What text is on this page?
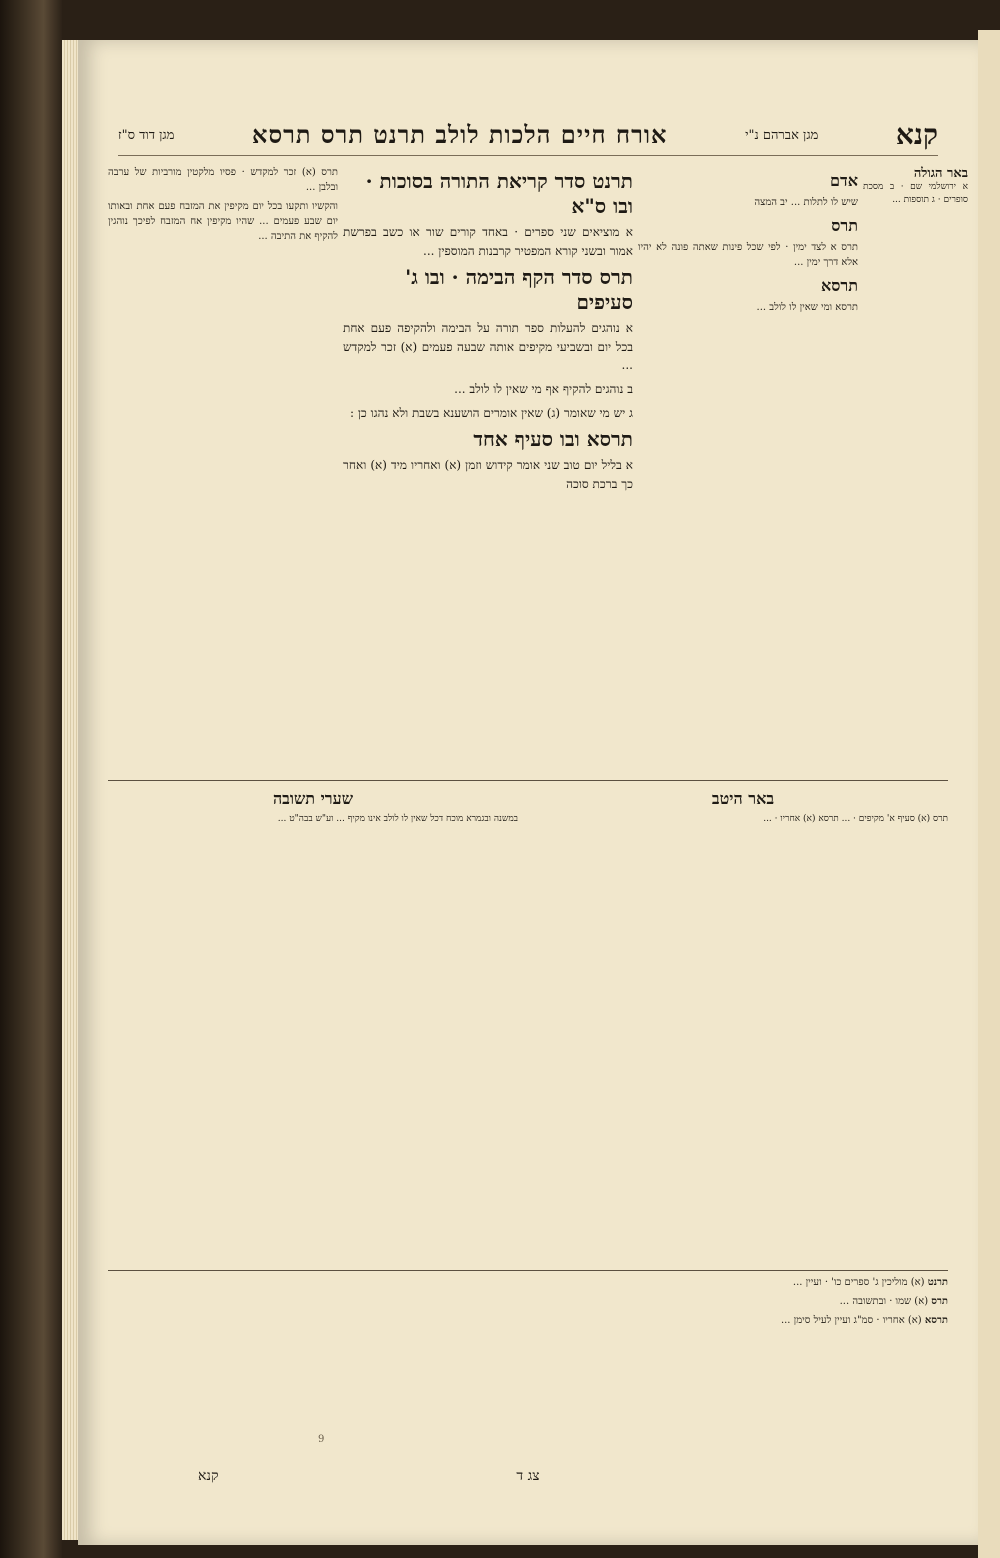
קנא
מגן אברהם נ"י
אורח חיים הלכות לולב תרנט תרס תרסא
מגן דוד ס"ז
באר הגולה

א ירושלמי שם · ב מסכת סופרים · ג תוספות ...

אדם

שיש לו לתלות ... יב המצה

תרס

תרס א לצד ימין · לפי שכל פינות שאתה פונה לא יהיו אלא דרך ימין ...

תרסא

תרסא ומי שאין לו לולב ...

תרנט סדר קריאת התורה בסוכות · ובו ס"א

א מוציאים שני ספרים · באחד קורים שור או כשב בפרשת אמור ובשני קורא המפטיר קרבנות המוספין ...

תרס סדר הקף הבימה · ובו ג' סעיפים

א נוהגים להעלות ספר תורה על הבימה ולהקיפה פעם אחת בכל יום ובשביעי מקיפים אותה שבעה פעמים (א) זכר למקדש ...

ב נוהגים להקיף אף מי שאין לו לולב ...

ג יש מי שאומר (ג) שאין אומרים הושענא בשבת ולא נהגו כן :

תרסא ובו סעיף אחד

א בליל יום טוב שני אומר קידוש וזמן (א) ואחריו מיד (א) ואחר כך ברכת סוכה

תרס (א) זכר למקדש · פסיו מלקטין מורביות של ערבה ובלבן ...

והקשיו ותקעו בכל יום מקיפין את המזבח פעם אחת ובאותו יום שבע פעמים ... שהיו מקיפין אח המזבח לפיכך נוהגין להקיף את התיבה ...

באר היטב

תרס (א) סעיף א' מקיפים · ... תרסא (א) אחריו · ...

שערי תשובה

במשנה ובגמרא מוכח דכל שאין לו לולב אינו מקיף ... וע"ש בבה"ט ...

תרנט (א) מוליכין ג' ספרים כו' · ועיין ...

תרס (א) שמו · ובתשובה ...

תרסא (א) אחריו · סמ"ג ועיין לעיל סימן ...

צג ד
קנא
9
